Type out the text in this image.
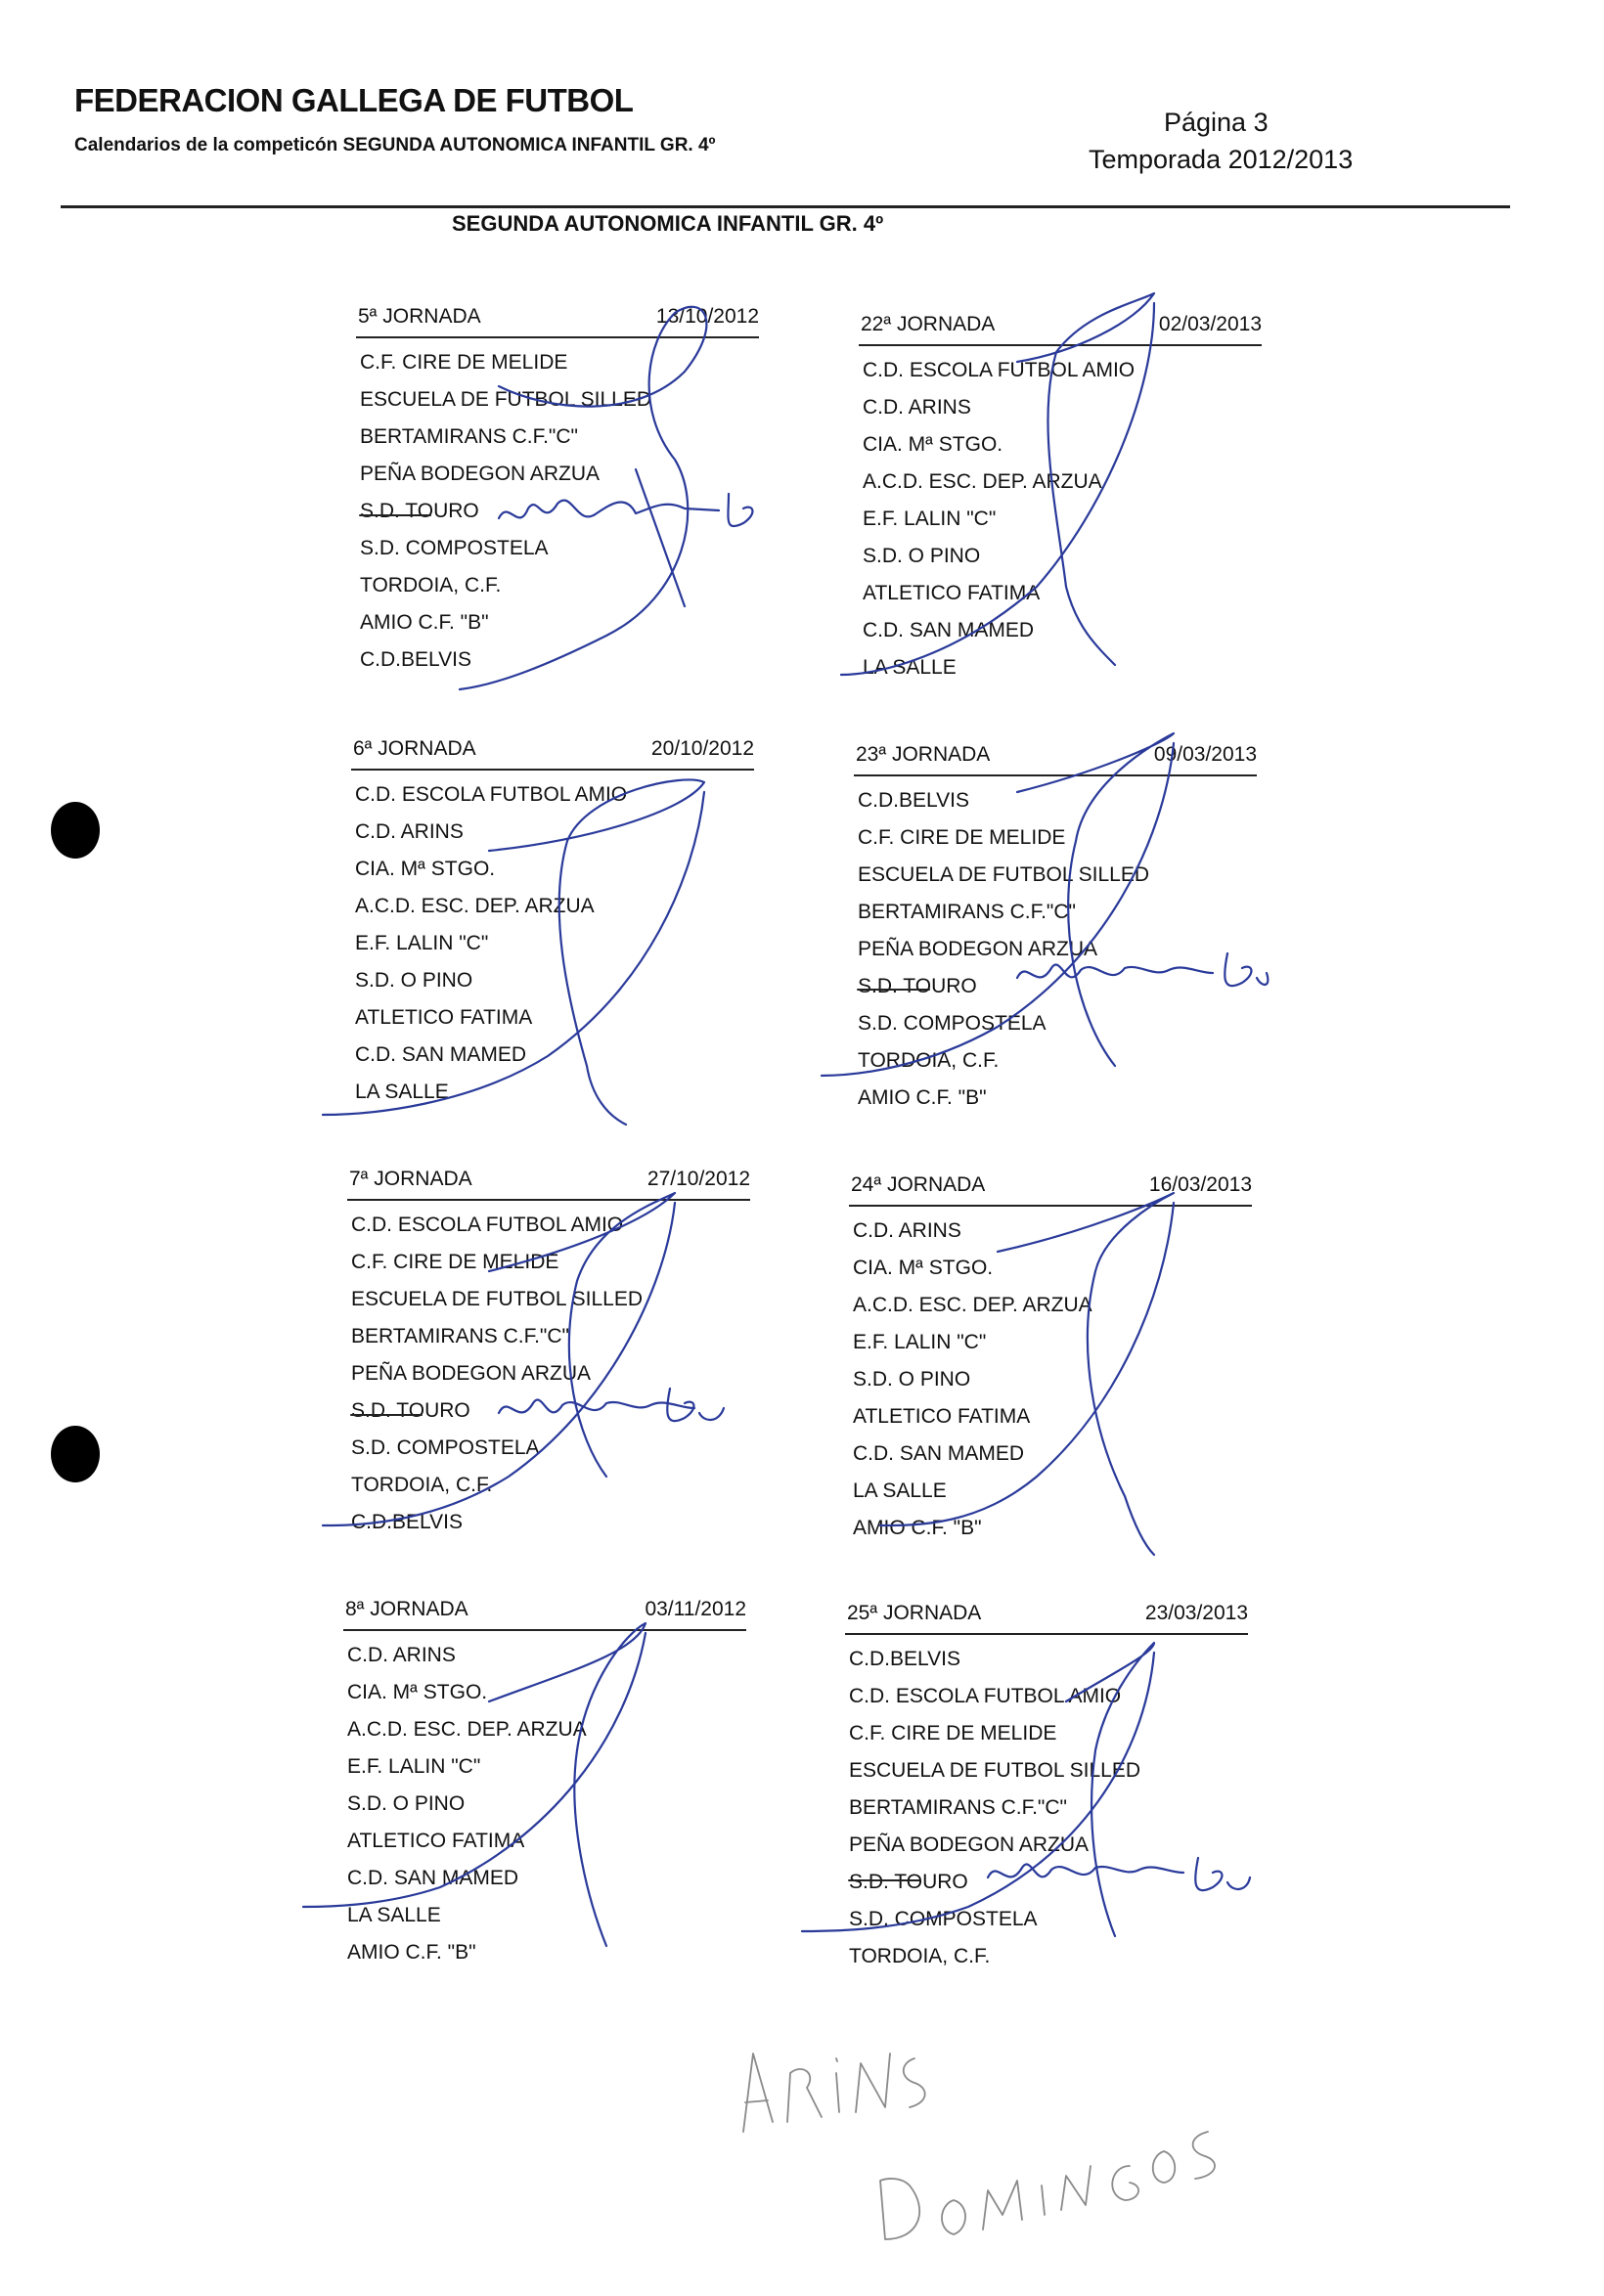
FEDERACION GALLEGA DE FUTBOL
Calendarios de la competicón SEGUNDA AUTONOMICA INFANTIL GR. 4º
Página 3
Temporada 2012/2013
SEGUNDA AUTONOMICA INFANTIL GR. 4º
5ª JORNADA	13/10/2012
C.F. CIRE DE MELIDE
ESCUELA DE FUTBOL SILLED
BERTAMIRANS C.F."C"
PEÑA BODEGON ARZUA
S.D. TOURO
S.D. COMPOSTELA
TORDOIA, C.F.
AMIO C.F. "B"
C.D.BELVIS
22ª JORNADA	02/03/2013
C.D. ESCOLA FUTBOL AMIO
C.D. ARINS
CIA. Mª STGO.
A.C.D. ESC. DEP. ARZUA
E.F. LALIN "C"
S.D. O PINO
ATLETICO FATIMA
C.D. SAN MAMED
LA SALLE
6ª JORNADA	20/10/2012
C.D. ESCOLA FUTBOL AMIO
C.D. ARINS
CIA. Mª STGO.
A.C.D. ESC. DEP. ARZUA
E.F. LALIN "C"
S.D. O PINO
ATLETICO FATIMA
C.D. SAN MAMED
LA SALLE
23ª JORNADA	09/03/2013
C.D.BELVIS
C.F. CIRE DE MELIDE
ESCUELA DE FUTBOL SILLED
BERTAMIRANS C.F."C"
PEÑA BODEGON ARZUA
S.D. TOURO
S.D. COMPOSTELA
TORDOIA, C.F.
AMIO C.F. "B"
7ª JORNADA	27/10/2012
C.D. ESCOLA FUTBOL AMIO
C.F. CIRE DE MELIDE
ESCUELA DE FUTBOL SILLED
BERTAMIRANS C.F."C"
PEÑA BODEGON ARZUA
S.D. TOURO
S.D. COMPOSTELA
TORDOIA, C.F.
C.D.BELVIS
24ª JORNADA	16/03/2013
C.D. ARINS
CIA. Mª STGO.
A.C.D. ESC. DEP. ARZUA
E.F. LALIN "C"
S.D. O PINO
ATLETICO FATIMA
C.D. SAN MAMED
LA SALLE
AMIO C.F. "B"
8ª JORNADA	03/11/2012
C.D. ARINS
CIA. Mª STGO.
A.C.D. ESC. DEP. ARZUA
E.F. LALIN "C"
S.D. O PINO
ATLETICO FATIMA
C.D. SAN MAMED
LA SALLE
AMIO C.F. "B"
25ª JORNADA	23/03/2013
C.D.BELVIS
C.D. ESCOLA FUTBOL AMIO
C.F. CIRE DE MELIDE
ESCUELA DE FUTBOL SILLED
BERTAMIRANS C.F."C"
PEÑA BODEGON ARZUA
S.D. TOURO
S.D. COMPOSTELA
TORDOIA, C.F.
